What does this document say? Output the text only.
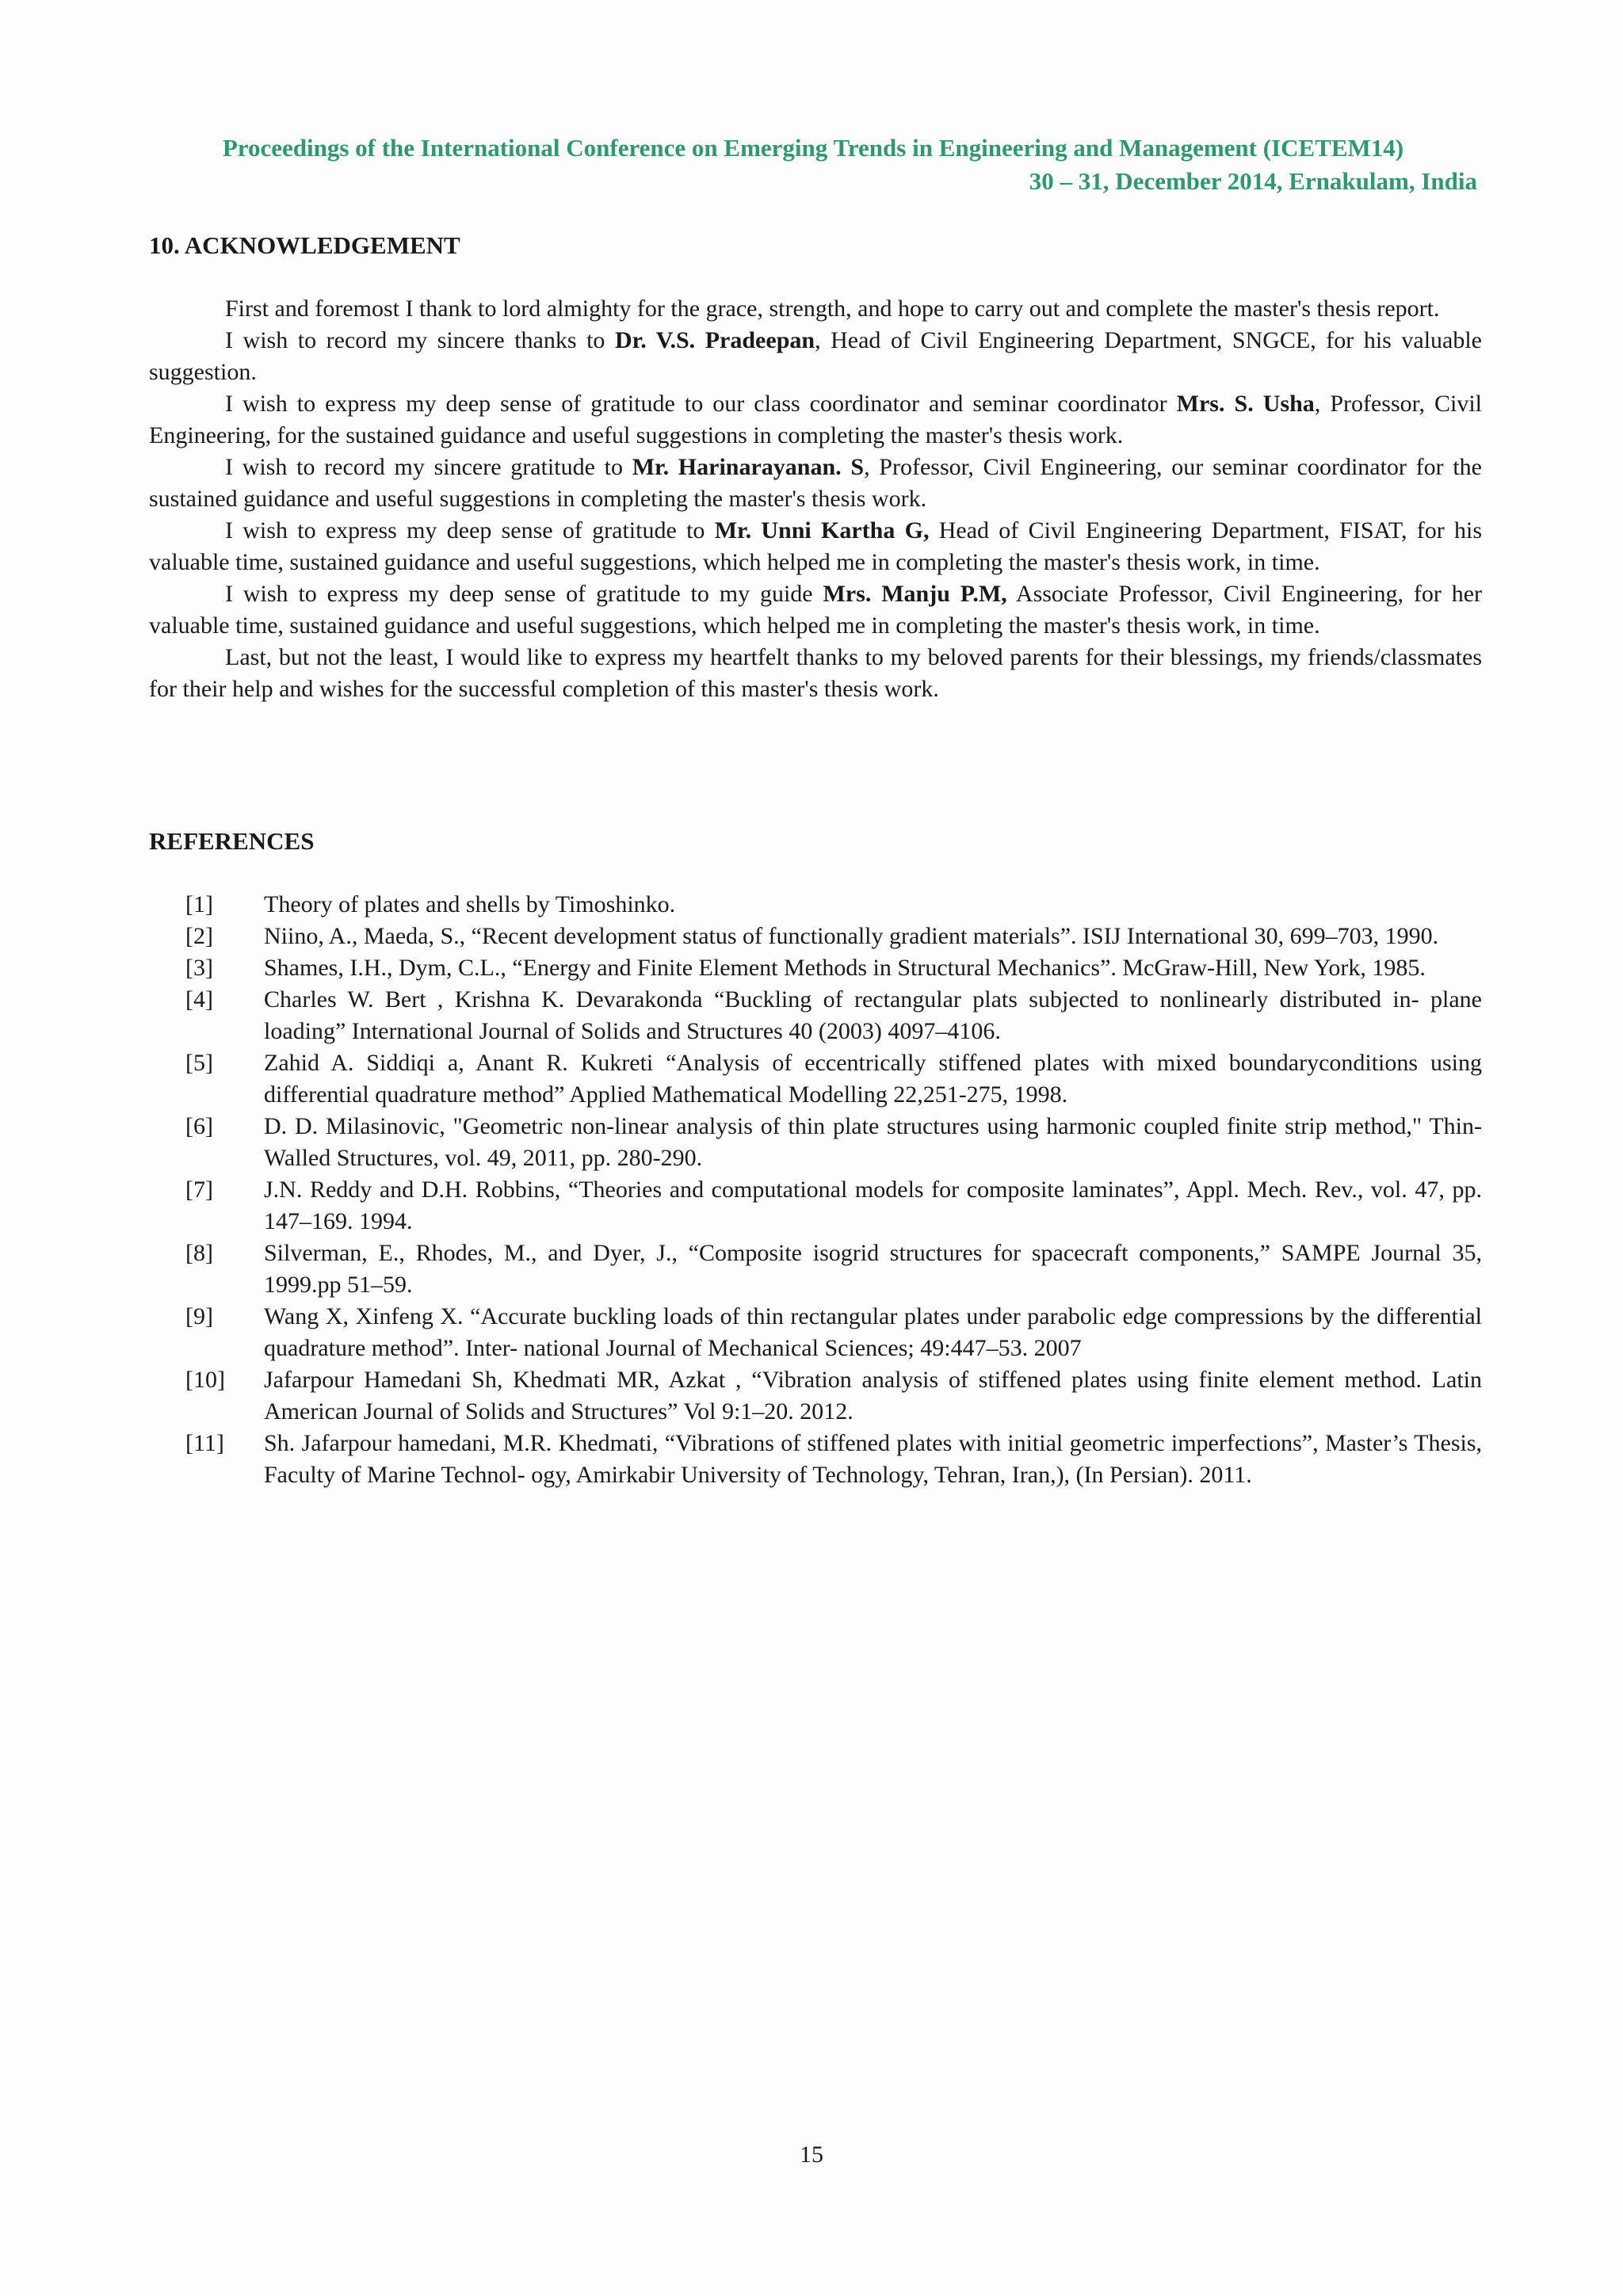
Proceedings of the International Conference on Emerging Trends in Engineering and Management (ICETEM14)
30 – 31, December 2014, Ernakulam, India
10. ACKNOWLEDGEMENT

First and foremost I thank to lord almighty for the grace, strength, and hope to carry out and complete the master's thesis report.

I wish to record my sincere thanks to Dr. V.S. Pradeepan, Head of Civil Engineering Department, SNGCE, for his valuable suggestion.

I wish to express my deep sense of gratitude to our class coordinator and seminar coordinator Mrs. S. Usha, Professor, Civil Engineering, for the sustained guidance and useful suggestions in completing the master's thesis work.

I wish to record my sincere gratitude to Mr. Harinarayanan. S, Professor, Civil Engineering, our seminar coordinator for the sustained guidance and useful suggestions in completing the master's thesis work.

I wish to express my deep sense of gratitude to Mr. Unni Kartha G, Head of Civil Engineering Department, FISAT, for his valuable time, sustained guidance and useful suggestions, which helped me in completing the master's thesis work, in time.

I wish to express my deep sense of gratitude to my guide Mrs. Manju P.M, Associate Professor, Civil Engineering, for her valuable time, sustained guidance and useful suggestions, which helped me in completing the master's thesis work, in time.

Last, but not the least, I would like to express my heartfelt thanks to my beloved parents for their blessings, my friends/classmates for their help and wishes for the successful completion of this master's thesis work.

REFERENCES
[1] Theory of plates and shells by Timoshinko.
[2] Niino, A., Maeda, S., “Recent development status of functionally gradient materials”. ISIJ International 30, 699–703, 1990.
[3] Shames, I.H., Dym, C.L., “Energy and Finite Element Methods in Structural Mechanics”. McGraw-Hill, New York, 1985.
[4] Charles W. Bert , Krishna K. Devarakonda “Buckling of rectangular plats subjected to nonlinearly distributed in- plane loading” International Journal of Solids and Structures 40 (2003) 4097–4106.
[5] Zahid A. Siddiqi a, Anant R. Kukreti “Analysis of eccentrically stiffened plates with mixed boundaryconditions using differential quadrature method” Applied Mathematical Modelling 22,251-275, 1998.
[6] D. D. Milasinovic, "Geometric non-linear analysis of thin plate structures using harmonic coupled finite strip method," Thin-Walled Structures, vol. 49, 2011, pp. 280-290.
[7] J.N. Reddy and D.H. Robbins, “Theories and computational models for composite laminates”, Appl. Mech. Rev., vol. 47, pp. 147–169. 1994.
[8] Silverman, E., Rhodes, M., and Dyer, J., “Composite isogrid structures for spacecraft components,” SAMPE Journal 35, 1999.pp 51–59.
[9] Wang X, Xinfeng X. “Accurate buckling loads of thin rectangular plates under parabolic edge compressions by the differential quadrature method”. Inter- national Journal of Mechanical Sciences; 49:447–53. 2007
[10] Jafarpour Hamedani Sh, Khedmati MR, Azkat , “Vibration analysis of stiffened plates using finite element method. Latin American Journal of Solids and Structures” Vol 9:1–20. 2012.
[11] Sh. Jafarpour hamedani, M.R. Khedmati, “Vibrations of stiffened plates with initial geometric imperfections”, Master’s Thesis, Faculty of Marine Technol- ogy, Amirkabir University of Technology, Tehran, Iran,), (In Persian). 2011.
15
